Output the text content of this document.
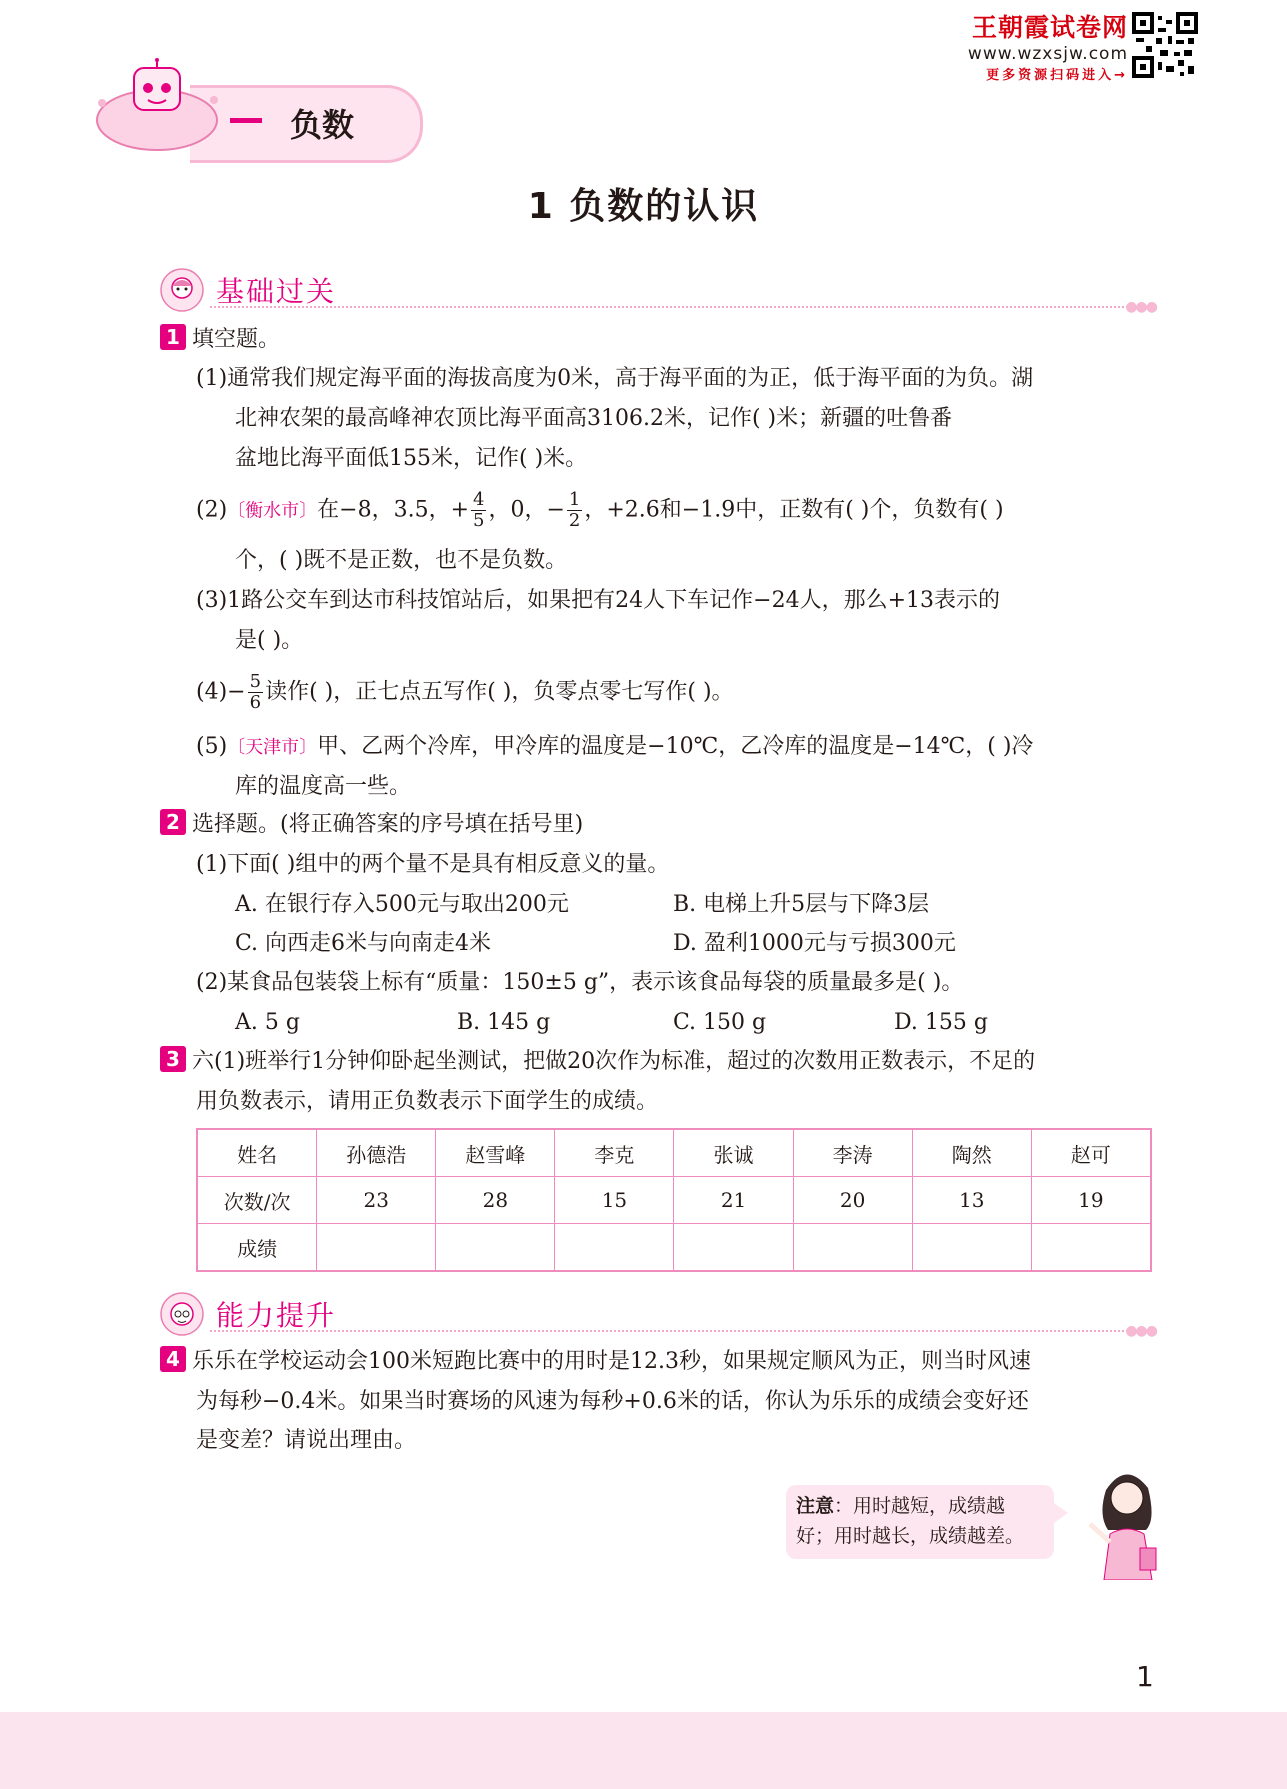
王朝霞试卷网
www.wzxsjw.com
更多资源扫码进入→
负数
1 负数的认识
基础过关	●●●
1 填空题。
(1)通常我们规定海平面的海拔高度为0米，高于海平面的为正，低于海平面的为负。湖
北神农架的最高峰神农顶比海平面高3106.2米，记作( )米；新疆的吐鲁番
盆地比海平面低155米，记作( )米。
(2)〔衡水市〕在−8，3.5，+ $\frac{4}{5}$ ，0，− $\frac{1}{2}$ ，+2.6和−1.9中，正数有( )个，负数有( )
个，( )既不是正数，也不是负数。
(3)1路公交车到达市科技馆站后，如果把有24人下车记作−24人，那么+13表示的
是( )。
$(4)- \frac{5}{6}$ 读作( )，正七点五写作( )，负零点零七写作( )。
(5)〔天津市〕甲、乙两个冷库，甲冷库的温度是−10℃，乙冷库的温度是−14℃，( )冷
库的温度高一些。
2 选择题。(将正确答案的序号填在括号里)
(1)下面( )组中的两个量不是具有相反意义的量。
A. 在银行存入500元与取出200元	B. 电梯上升5层与下降3层
C. 向西走6米与向南走4米	D. 盈利1000元与亏损300元
(2)某食品包装袋上标有“质量：150±5 g”，表示该食品每袋的质量最多是( )。
A. 5 g	B. 145 g	C. 150 g	D. 155 g
3 六(1)班举行1分钟仰卧起坐测试，把做20次作为标准，超过的次数用正数表示，不足的
用负数表示，请用正负数表示下面学生的成绩。
姓名	孙德浩	赵雪峰	李克	张诚	李涛	陶然	赵可
次数/次	23	28	15	21	20	13	19
成绩							
能力提升	●●●
4 乐乐在学校运动会100米短跑比赛中的用时是12.3秒，如果规定顺风为正，则当时风速
为每秒−0.4米。如果当时赛场的风速为每秒+0.6米的话，你认为乐乐的成绩会变好还
是变差？请说出理由。
注意：用时越短，成绩越
好；用时越长，成绩越差。
1
